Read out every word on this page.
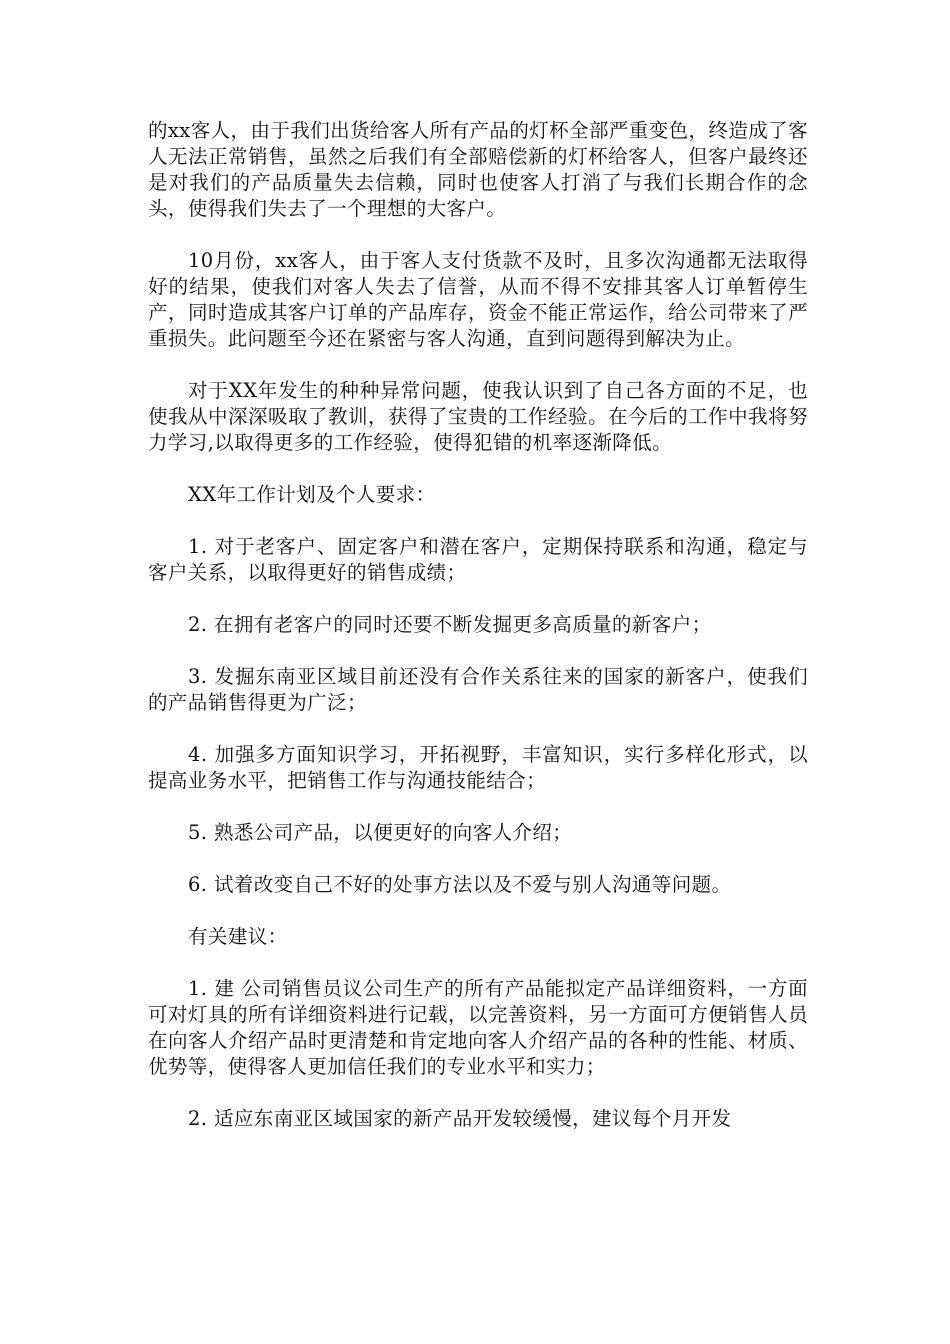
的xx客人，由于我们出货给客人所有产品的灯杯全部严重变色，终造成了客人无法正常销售，虽然之后我们有全部赔偿新的灯杯给客人，但客户最终还是对我们的产品质量失去信赖，同时也使客人打消了与我们长期合作的念头，使得我们失去了一个理想的大客户。

10月份，xx客人，由于客人支付货款不及时，且多次沟通都无法取得好的结果，使我们对客人失去了信誉，从而不得不安排其客人订单暂停生产，同时造成其客户订单的产品库存，资金不能正常运作，给公司带来了严重损失。此问题至今还在紧密与客人沟通，直到问题得到解决为止。

对于XX年发生的种种异常问题，使我认识到了自己各方面的不足，也使我从中深深吸取了教训，获得了宝贵的工作经验。在今后的工作中我将努力学习,以取得更多的工作经验，使得犯错的机率逐渐降低。

XX年工作计划及个人要求：

1. 对于老客户、固定客户和潜在客户，定期保持联系和沟通，稳定与客户关系，以取得更好的销售成绩；

2. 在拥有老客户的同时还要不断发掘更多高质量的新客户；

3. 发掘东南亚区域目前还没有合作关系往来的国家的新客户，使我们的产品销售得更为广泛；

4. 加强多方面知识学习，开拓视野，丰富知识，实行多样化形式，以提高业务水平，把销售工作与沟通技能结合；

5. 熟悉公司产品，以便更好的向客人介绍；

6. 试着改变自己不好的处事方法以及不爱与别人沟通等问题。

有关建议：

1. 建 公司销售员议公司生产的所有产品能拟定产品详细资料，一方面可对灯具的所有详细资料进行记载，以完善资料，另一方面可方便销售人员在向客人介绍产品时更清楚和肯定地向客人介绍产品的各种的性能、材质、优势等，使得客人更加信任我们的专业水平和实力；

2. 适应东南亚区域国家的新产品开发较缓慢，建议每个月开发
